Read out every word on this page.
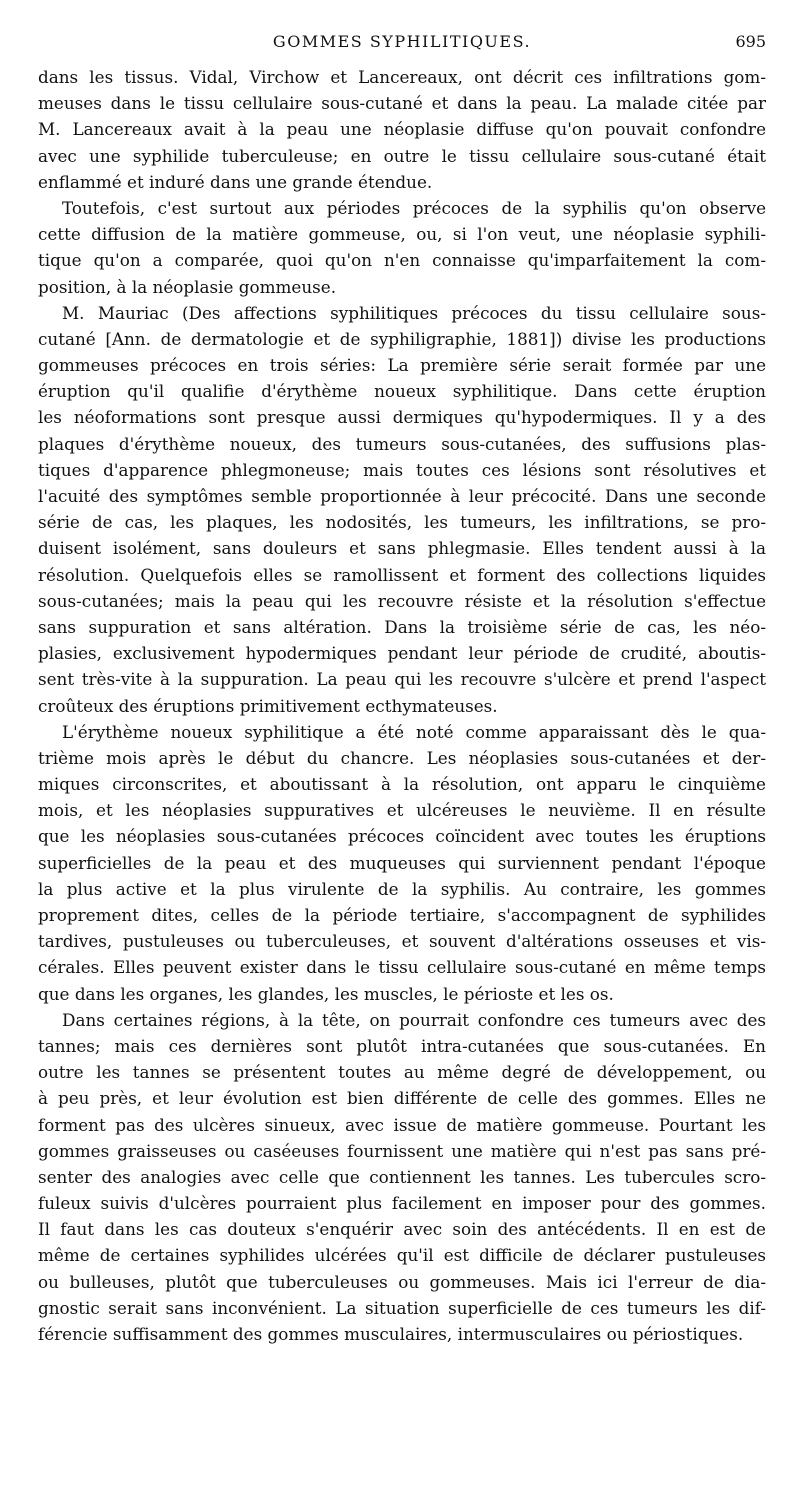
GOMMES SYPHILITIQUES.	695
dans les tissus. Vidal, Virchow et Lancereaux, ont décrit ces infiltrations gom-
meuses dans le tissu cellulaire sous-cutané et dans la peau. La malade citée par
M. Lancereaux avait à la peau une néoplasie diffuse qu'on pouvait confondre
avec une syphilide tuberculeuse; en outre le tissu cellulaire sous-cutané était
enflammé et induré dans une grande étendue.
Toutefois, c'est surtout aux périodes précoces de la syphilis qu'on observe
cette diffusion de la matière gommeuse, ou, si l'on veut, une néoplasie syphili-
tique qu'on a comparée, quoi qu'on n'en connaisse qu'imparfaitement la com-
position, à la néoplasie gommeuse.
M. Mauriac (Des affections syphilitiques précoces du tissu cellulaire sous-
cutané [Ann. de dermatologie et de syphiligraphie, 1881]) divise les productions
gommeuses précoces en trois séries: La première série serait formée par une
éruption qu'il qualifie d'érythème noueux syphilitique. Dans cette éruption
les néoformations sont presque aussi dermiques qu'hypodermiques. Il y a des
plaques d'érythème noueux, des tumeurs sous-cutanées, des suffusions plas-
tiques d'apparence phlegmoneuse; mais toutes ces lésions sont résolutives et
l'acuité des symptômes semble proportionnée à leur précocité. Dans une seconde
série de cas, les plaques, les nodosités, les tumeurs, les infiltrations, se pro-
duisent isolément, sans douleurs et sans phlegmasie. Elles tendent aussi à la
résolution. Quelquefois elles se ramollissent et forment des collections liquides
sous-cutanées; mais la peau qui les recouvre résiste et la résolution s'effectue
sans suppuration et sans altération. Dans la troisième série de cas, les néo-
plasies, exclusivement hypodermiques pendant leur période de crudité, aboutis-
sent très-vite à la suppuration. La peau qui les recouvre s'ulcère et prend l'aspect
croûteux des éruptions primitivement ecthymateuses.
L'érythème noueux syphilitique a été noté comme apparaissant dès le qua-
trième mois après le début du chancre. Les néoplasies sous-cutanées et der-
miques circonscrites, et aboutissant à la résolution, ont apparu le cinquième
mois, et les néoplasies suppuratives et ulcéreuses le neuvième. Il en résulte
que les néoplasies sous-cutanées précoces coïncident avec toutes les éruptions
superficielles de la peau et des muqueuses qui surviennent pendant l'époque
la plus active et la plus virulente de la syphilis. Au contraire, les gommes
proprement dites, celles de la période tertiaire, s'accompagnent de syphilides
tardives, pustuleuses ou tuberculeuses, et souvent d'altérations osseuses et vis-
cérales. Elles peuvent exister dans le tissu cellulaire sous-cutané en même temps
que dans les organes, les glandes, les muscles, le périoste et les os.
Dans certaines régions, à la tête, on pourrait confondre ces tumeurs avec des
tannes; mais ces dernières sont plutôt intra-cutanées que sous-cutanées. En
outre les tannes se présentent toutes au même degré de développement, ou
à peu près, et leur évolution est bien différente de celle des gommes. Elles ne
forment pas des ulcères sinueux, avec issue de matière gommeuse. Pourtant les
gommes graisseuses ou caséeuses fournissent une matière qui n'est pas sans pré-
senter des analogies avec celle que contiennent les tannes. Les tubercules scro-
fuleux suivis d'ulcères pourraient plus facilement en imposer pour des gommes.
Il faut dans les cas douteux s'enquérir avec soin des antécédents. Il en est de
même de certaines syphilides ulcérées qu'il est difficile de déclarer pustuleuses
ou bulleuses, plutôt que tuberculeuses ou gommeuses. Mais ici l'erreur de dia-
gnostic serait sans inconvénient. La situation superficielle de ces tumeurs les dif-
férencie suffisamment des gommes musculaires, intermusculaires ou périostiques.
